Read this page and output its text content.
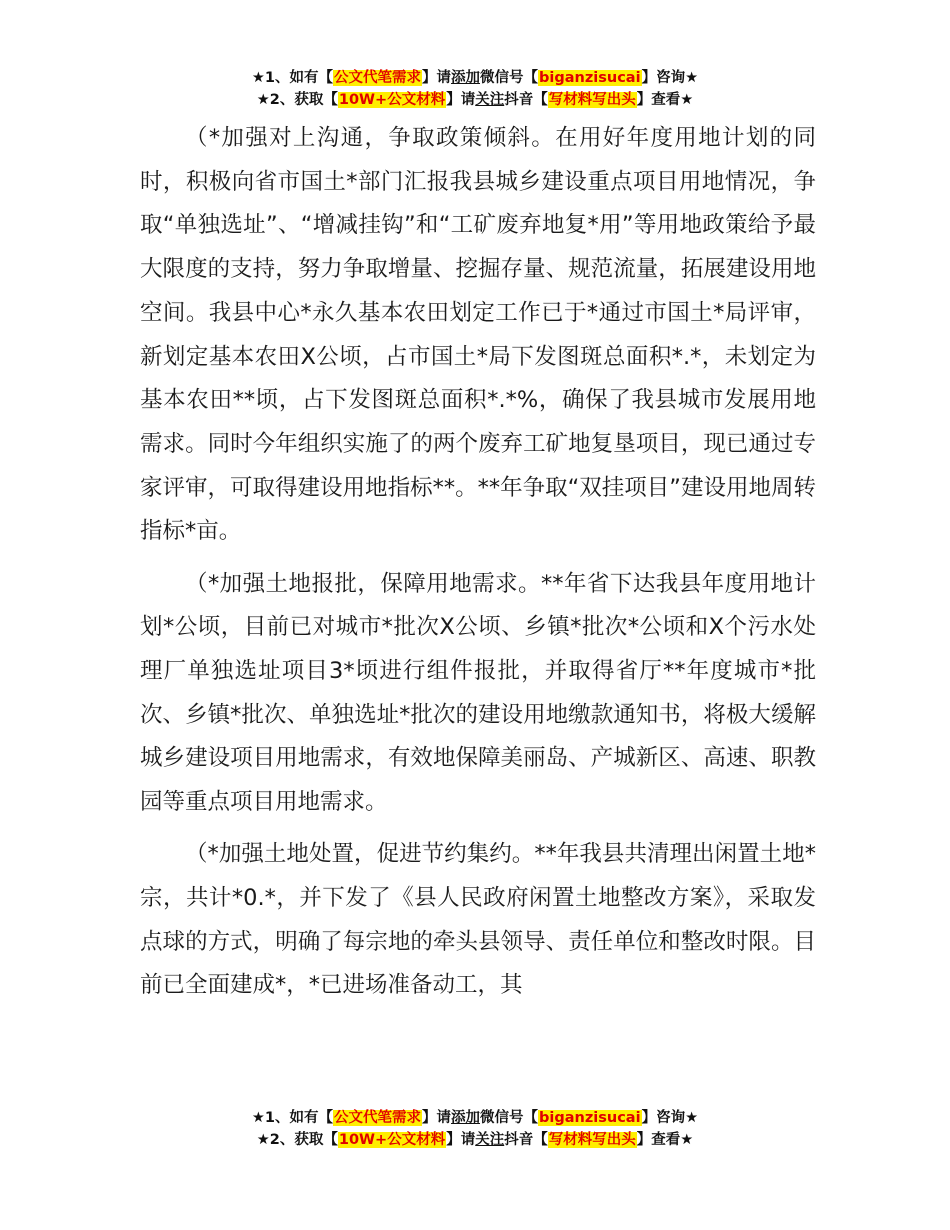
★1、如有【公文代笔需求】请添加微信号【biganzisucai】咨询★
★2、获取【10W+公文材料】请关注抖音【写材料写出头】查看★

（*加强对上沟通，争取政策倾斜。在用好年度用地计划的同时，积极向省市国土*部门汇报我县城乡建设重点项目用地情况，争取“单独选址”、“增减挂钩”和“工矿废弃地复*用”等用地政策给予最大限度的支持，努力争取增量、挖掘存量、规范流量，拓展建设用地空间。我县中心*永久基本农田划定工作已于*通过市国土*局评审，新划定基本农田X公顷，占市国土*局下发图斑总面积*.*，未划定为基本农田**顷，占下发图斑总面积*.*%，确保了我县城市发展用地需求。同时今年组织实施了的两个废弃工矿地复垦项目，现已通过专家评审，可取得建设用地指标**。**年争取“双挂项目”建设用地周转指标*亩。

（*加强土地报批，保障用地需求。**年省下达我县年度用地计划*公顷，目前已对城市*批次X公顷、乡镇*批次*公顷和X个污水处理厂单独选址项目3*顷进行组件报批，并取得省厅**年度城市*批次、乡镇*批次、单独选址*批次的建设用地缴款通知书，将极大缓解城乡建设项目用地需求，有效地保障美丽岛、产城新区、高速、职教园等重点项目用地需求。

（*加强土地处置，促进节约集约。**年我县共清理出闲置土地*宗，共计*0.*，并下发了《县人民政府闲置土地整改方案》，采取发点球的方式，明确了每宗地的牵头县领导、责任单位和整改时限。目前已全面建成*，*已进场准备动工，其

★1、如有【公文代笔需求】请添加微信号【biganzisucai】咨询★
★2、获取【10W+公文材料】请关注抖音【写材料写出头】查看★
